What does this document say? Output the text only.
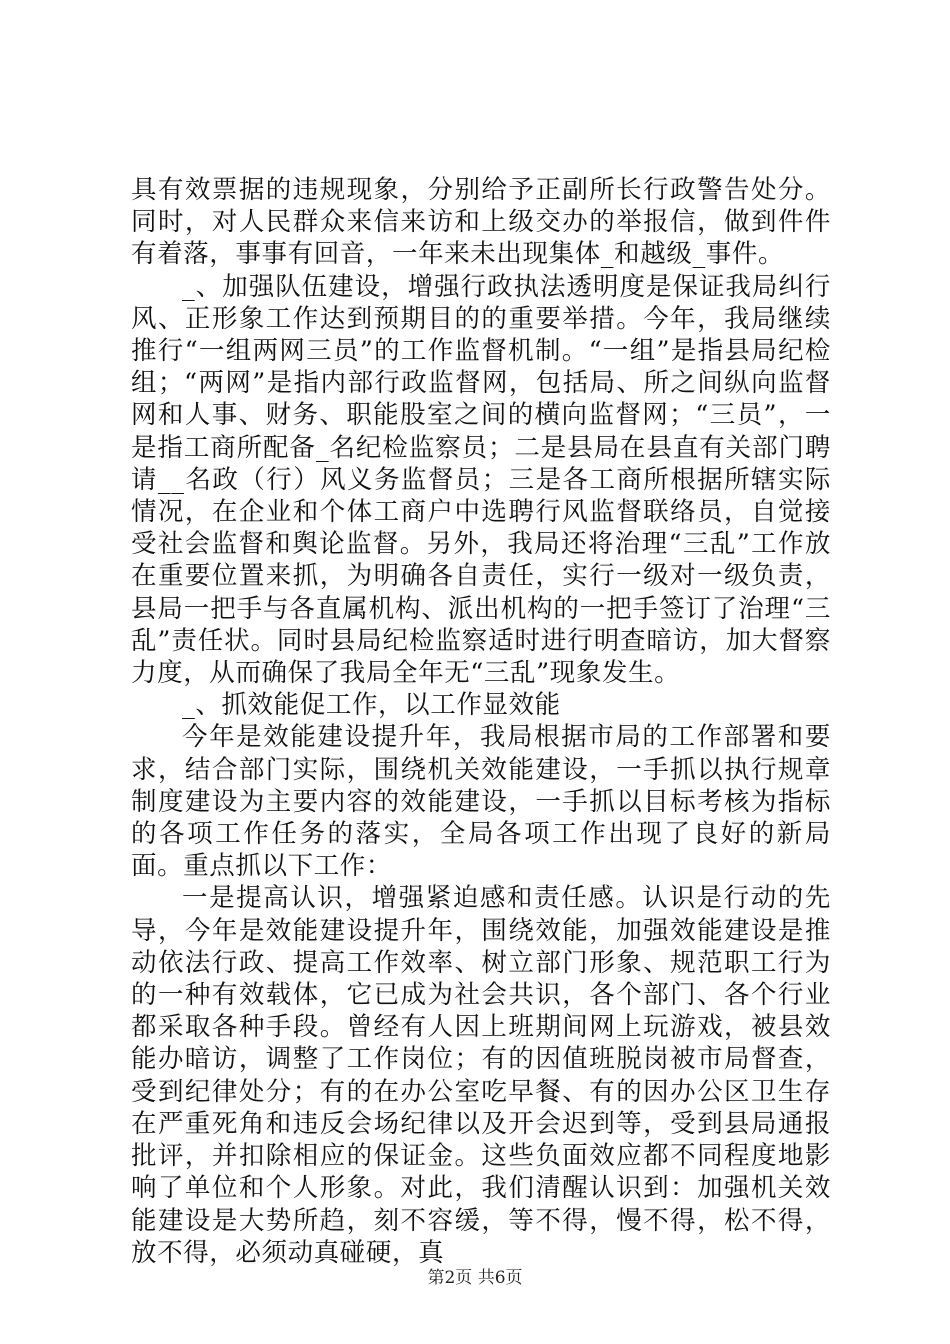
具有效票据的违规现象，分别给予正副所长行政警告处分。同时，对人民群众来信来访和上级交办的举报信，做到件件有着落，事事有回音，一年来未出现集体_和越级_事件。

_、加强队伍建设，增强行政执法透明度是保证我局纠行风、正形象工作达到预期目的的重要举措。今年，我局继续推行“一组两网三员”的工作监督机制。“一组”是指县局纪检组；“两网”是指内部行政监督网，包括局、所之间纵向监督网和人事、财务、职能股室之间的横向监督网；“三员”，一是指工商所配备_名纪检监察员；二是县局在县直有关部门聘请__名政（行）风义务监督员；三是各工商所根据所辖实际情况，在企业和个体工商户中选聘行风监督联络员，自觉接受社会监督和舆论监督。另外，我局还将治理“三乱”工作放在重要位置来抓，为明确各自责任，实行一级对一级负责，县局一把手与各直属机构、派出机构的一把手签订了治理“三乱”责任状。同时县局纪检监察适时进行明查暗访，加大督察力度，从而确保了我局全年无“三乱”现象发生。

_、抓效能促工作，以工作显效能

今年是效能建设提升年，我局根据市局的工作部署和要求，结合部门实际，围绕机关效能建设，一手抓以执行规章制度建设为主要内容的效能建设，一手抓以目标考核为指标的各项工作任务的落实，全局各项工作出现了良好的新局面。重点抓以下工作：

一是提高认识，增强紧迫感和责任感。认识是行动的先导，今年是效能建设提升年，围绕效能，加强效能建设是推动依法行政、提高工作效率、树立部门形象、规范职工行为的一种有效载体，它已成为社会共识，各个部门、各个行业都采取各种手段。曾经有人因上班期间网上玩游戏，被县效能办暗访，调整了工作岗位；有的因值班脱岗被市局督查，受到纪律处分；有的在办公室吃早餐、有的因办公区卫生存在严重死角和违反会场纪律以及开会迟到等，受到县局通报批评，并扣除相应的保证金。这些负面效应都不同程度地影响了单位和个人形象。对此，我们清醒认识到：加强机关效能建设是大势所趋，刻不容缓，等不得，慢不得，松不得，放不得，必须动真碰硬，真

第2页 共6页
